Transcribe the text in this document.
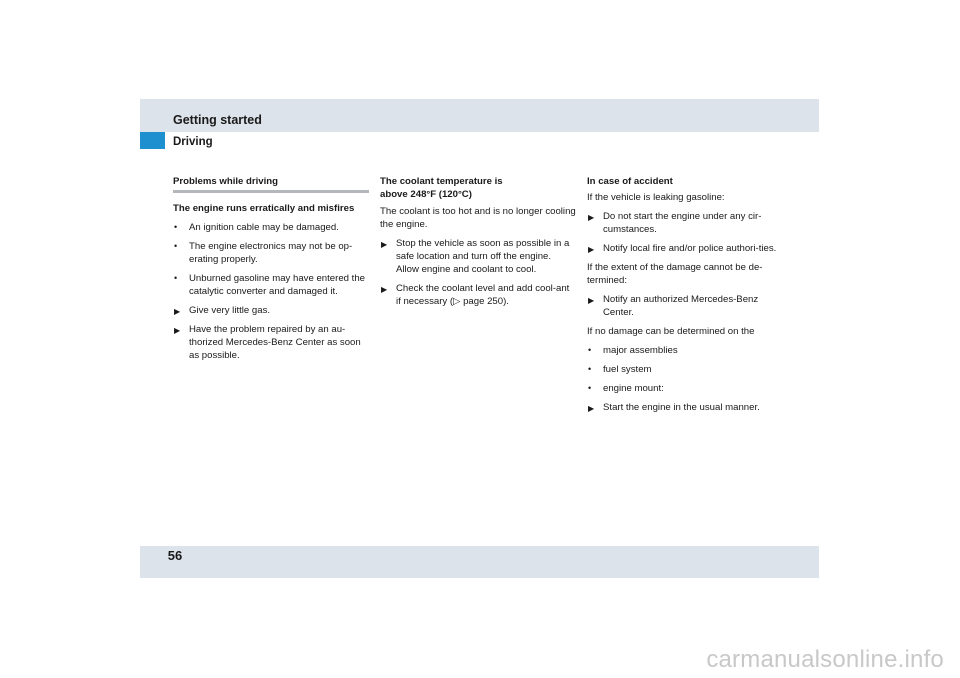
Getting started
Driving
Problems while driving
The engine runs erratically and misfires
• An ignition cable may be damaged.
• The engine electronics may not be op-erating properly.
• Unburned gasoline may have entered the catalytic converter and damaged it.
▶ Give very little gas.
▶ Have the problem repaired by an au-thorized Mercedes-Benz Center as soon as possible.
The coolant temperature is
above 248°F (120°C)
The coolant is too hot and is no longer cooling the engine.
▶ Stop the vehicle as soon as possible in a safe location and turn off the engine. Allow engine and coolant to cool.
▶ Check the coolant level and add cool-ant if necessary (▷ page 250).
In case of accident
If the vehicle is leaking gasoline:
▶ Do not start the engine under any cir-cumstances.
▶ Notify local fire and/or police authori-ties.
If the extent of the damage cannot be de-termined:
▶ Notify an authorized Mercedes-Benz Center.
If no damage can be determined on the
• major assemblies
• fuel system
• engine mount:
▶ Start the engine in the usual manner.
56
carmanualsonline.info
